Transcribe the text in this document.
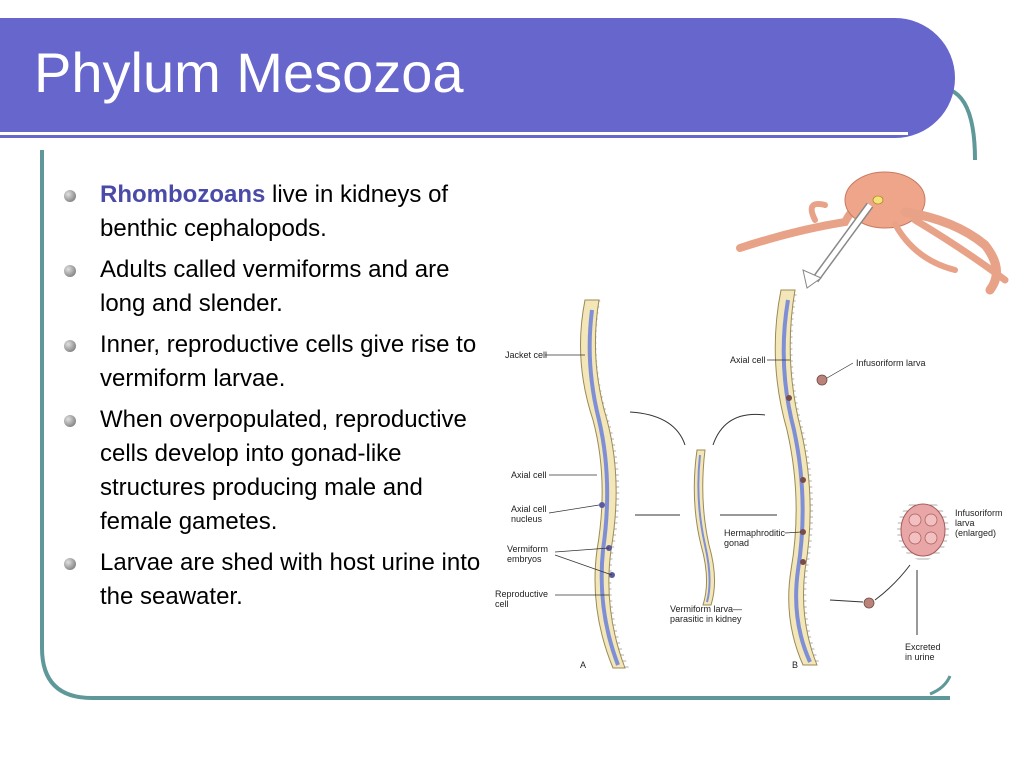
Phylum Mesozoa
Rhombozoans live in kidneys of benthic cephalopods.
Adults called vermiforms and are long and slender.
Inner, reproductive cells give rise to vermiform larvae.
When overpopulated, reproductive cells develop into gonad-like structures producing male and female gametes.
Larvae are shed with host urine into the seawater.
A	B
Jacket cell
Axial cell
Axial cell nucleus
Vermiform embryos
Reproductive cell
Vermiform larva— parasitic in kidney
Axial cell	Infusoriform larva
Hermaphroditic gonad
Infusoriform larva (enlarged)
Excreted in urine
